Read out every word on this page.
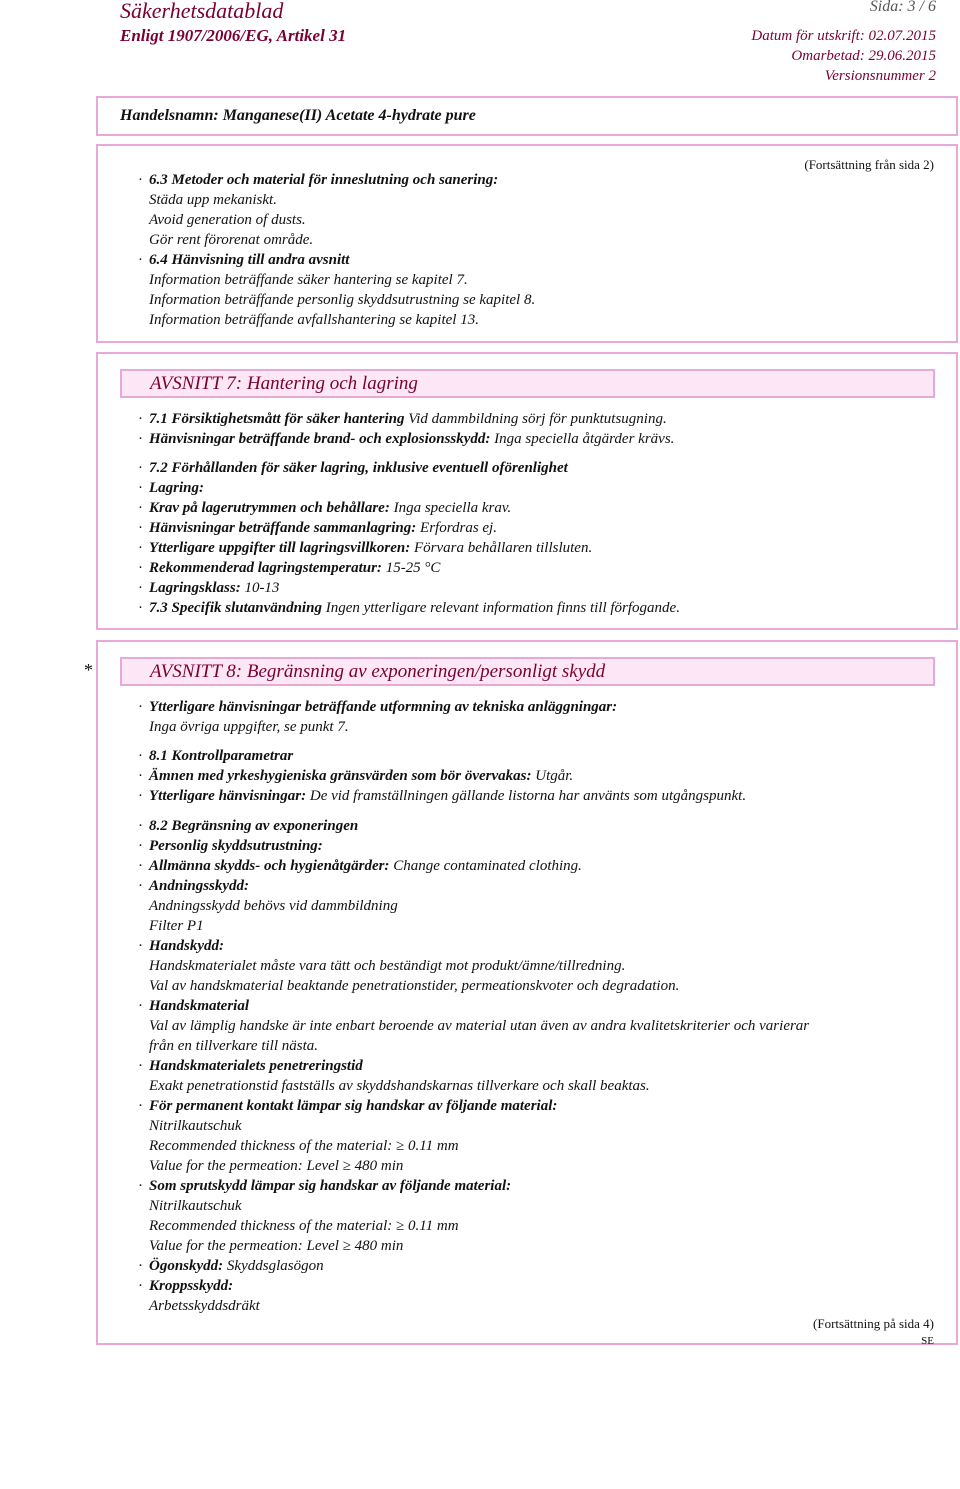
Säkerhetsdatablad
Enligt 1907/2006/EG, Artikel 31
Sida: 3 / 6
Datum för utskrift: 02.07.2015
Omarbetad: 29.06.2015
Versionsnummer 2
Handelsnamn: Manganese(II) Acetate 4-hydrate pure
(Fortsättning från sida 2)
· 6.3 Metoder och material för inneslutning och sanering:
Städa upp mekaniskt.
Avoid generation of dusts.
Gör rent förorenat område.
· 6.4 Hänvisning till andra avsnitt
Information beträffande säker hantering se kapitel 7.
Information beträffande personlig skyddsutrustning se kapitel 8.
Information beträffande avfallshantering se kapitel 13.
AVSNITT 7: Hantering och lagring
· 7.1 Försiktighetsmått för säker hantering Vid dammbildning sörj för punktutsugning.
· Hänvisningar beträffande brand- och explosionsskydd: Inga speciella åtgärder krävs.
· 7.2 Förhållanden för säker lagring, inklusive eventuell oförenlighet
· Lagring:
· Krav på lagerutrymmen och behållare: Inga speciella krav.
· Hänvisningar beträffande sammanlagring: Erfordras ej.
· Ytterligare uppgifter till lagringsvillkoren: Förvara behållaren tillsluten.
· Rekommenderad lagringstemperatur: 15-25 °C
· Lagringsklass: 10-13
· 7.3 Specifik slutanvändning Ingen ytterligare relevant information finns till förfogande.
*	AVSNITT 8: Begränsning av exponeringen/personligt skydd
· Ytterligare hänvisningar beträffande utformning av tekniska anläggningar:
Inga övriga uppgifter, se punkt 7.
· 8.1 Kontrollparametrar
· Ämnen med yrkeshygieniska gränsvärden som bör övervakas: Utgår.
· Ytterligare hänvisningar: De vid framställningen gällande listorna har använts som utgångspunkt.
· 8.2 Begränsning av exponeringen
· Personlig skyddsutrustning:
· Allmänna skydds- och hygienåtgärder: Change contaminated clothing.
· Andningsskydd:
Andningsskydd behövs vid dammbildning
Filter P1
· Handskydd:
Handskmaterialet måste vara tätt och beständigt mot produkt/ämne/tillredning.
Val av handskmaterial beaktande penetrationstider, permeationskvoter och degradation.
· Handskmaterial
Val av lämplig handske är inte enbart beroende av material utan även av andra kvalitetskriterier och varierar
från en tillverkare till nästa.
· Handskmaterialets penetreringstid
Exakt penetrationstid fastställs av skyddshandskarnas tillverkare och skall beaktas.
· För permanent kontakt lämpar sig handskar av följande material:
Nitrilkautschuk
Recommended thickness of the material: ≥ 0.11 mm
Value for the permeation: Level ≥ 480 min
· Som sprutskydd lämpar sig handskar av följande material:
Nitrilkautschuk
Recommended thickness of the material: ≥ 0.11 mm
Value for the permeation: Level ≥ 480 min
· Ögonskydd: Skyddsglasögon
· Kroppsskydd:
Arbetsskyddsdräkt
(Fortsättning på sida 4)
SE
